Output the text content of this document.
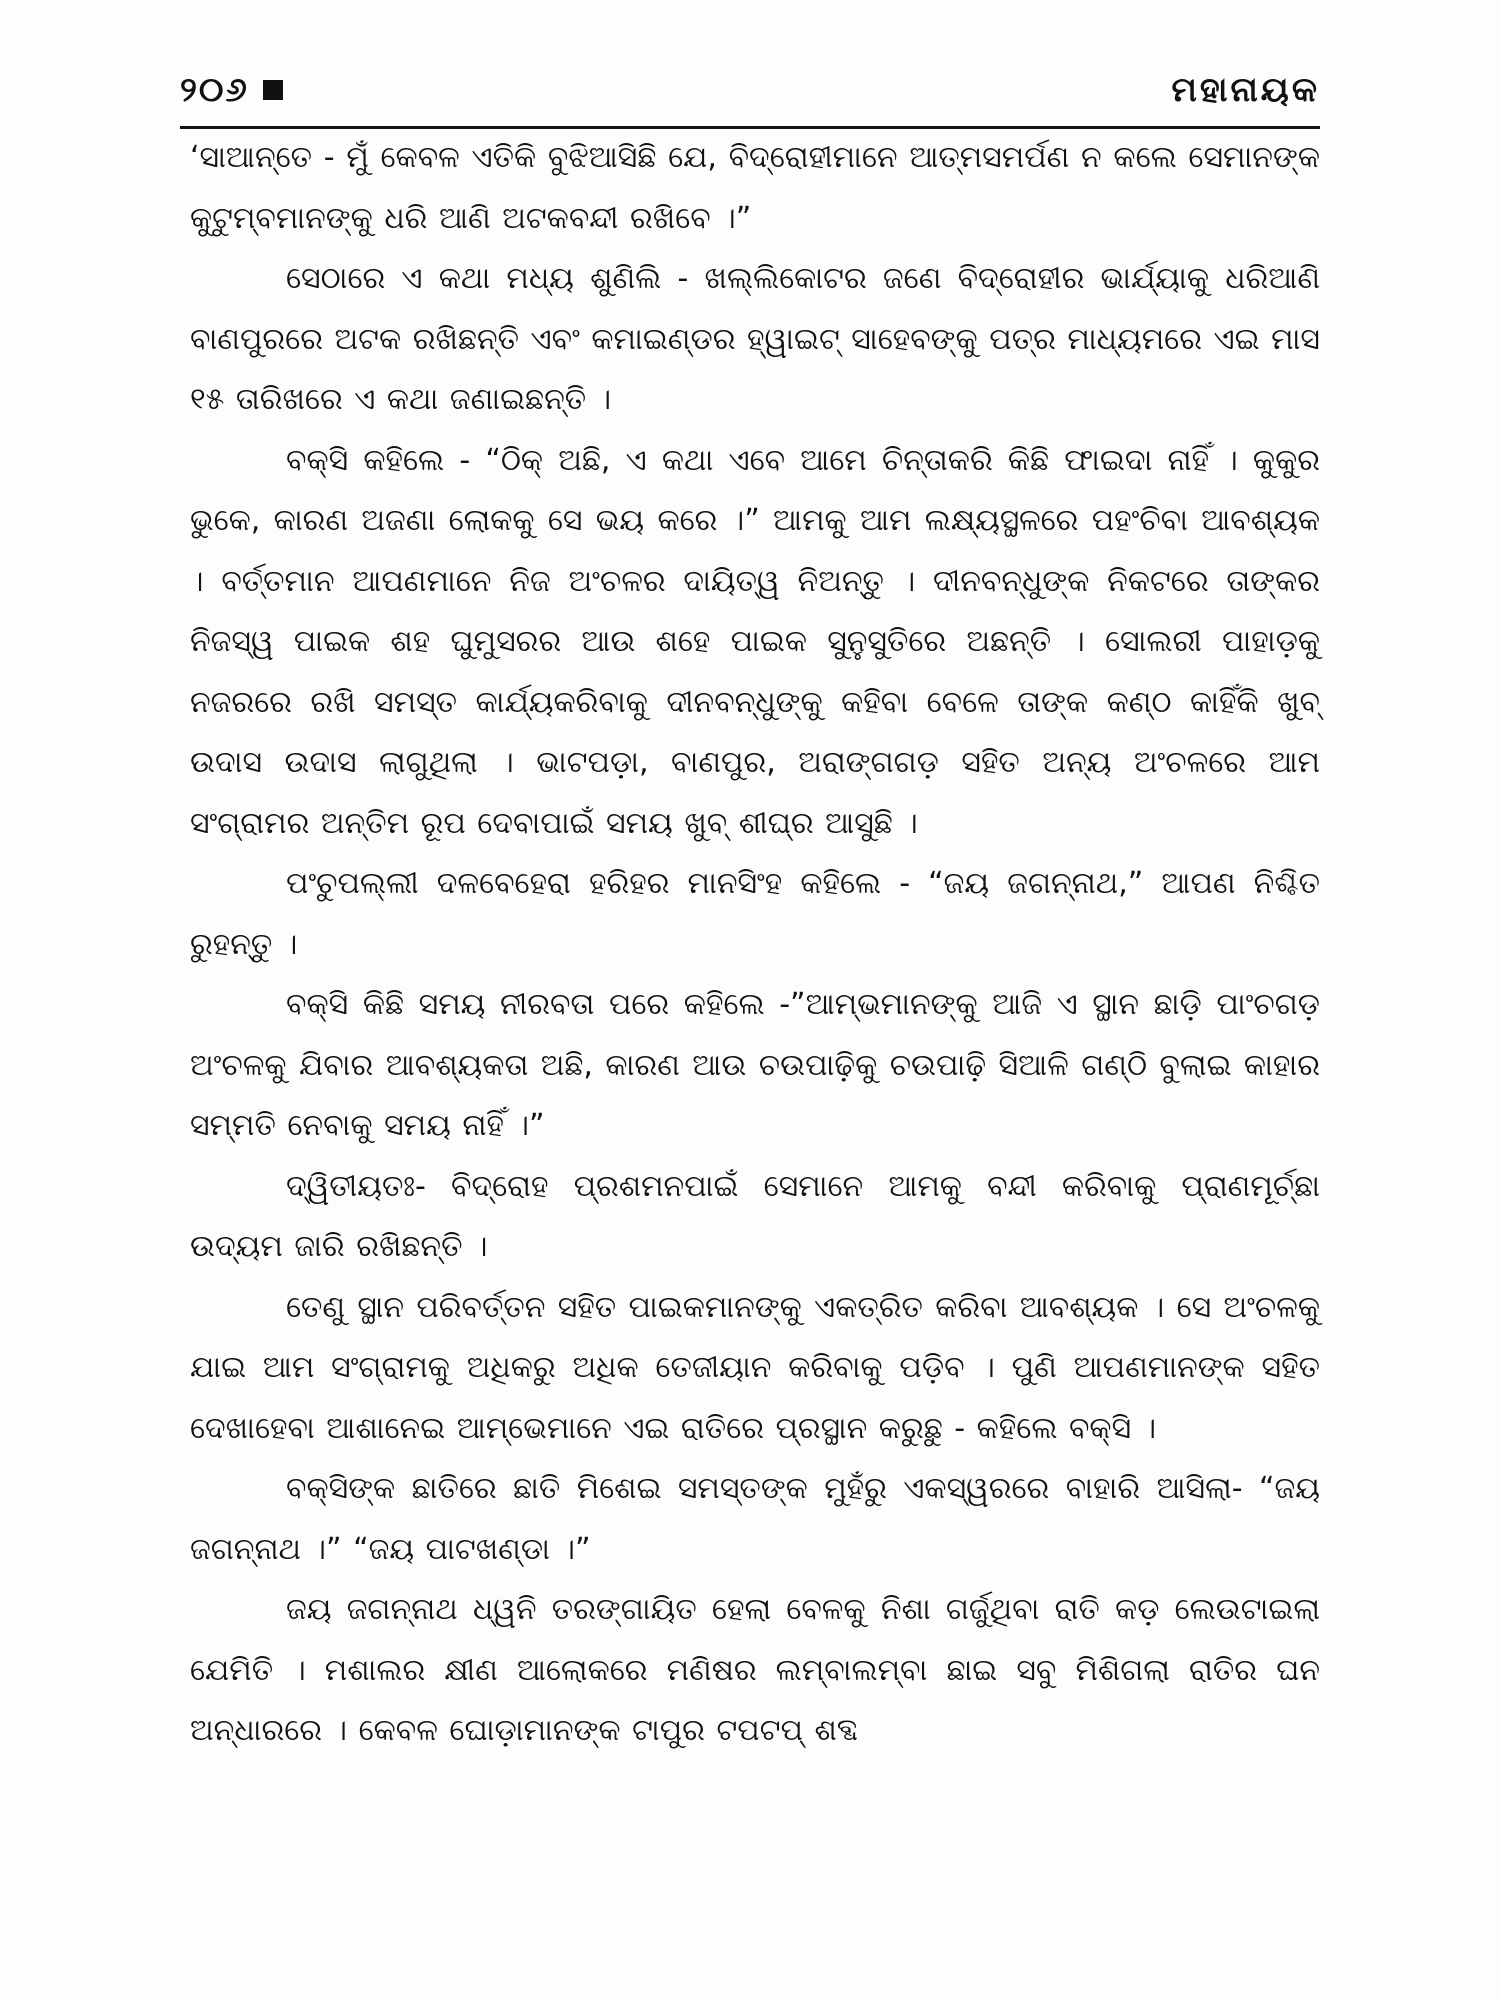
୨୦୬	ମହାନାୟକ

‘ସାଆନ୍ତେ - ମୁଁ କେବଳ ଏତିକି ବୁଝିଆସିଛି ଯେ, ବିଦ୍ରୋହୀମାନେ ଆତ୍ମସମର୍ପଣ ନ କଲେ ସେମାନଙ୍କ କୁଟୁମ୍ବମାନଙ୍କୁ ଧରି ଆଣି ଅଟକବନ୍ଦୀ ରଖିବେ ।”

ସେଠାରେ ଏ କଥା ମଧ୍ୟ ଶୁଣିଲି - ଖଲ୍ଲିକୋଟର ଜଣେ ବିଦ୍ରୋହୀର ଭାର୍ଯ୍ୟାକୁ ଧରିଆଣି ବାଣପୁରରେ ଅଟକ ରଖିଛନ୍ତି ଏବଂ କମାଇଣ୍ଡର ହ୍ୱାଇଟ୍ ସାହେବଙ୍କୁ ପତ୍ର ମାଧ୍ୟମରେ ଏଇ ମାସ ୧୫ ତାରିଖରେ ଏ କଥା ଜଣାଇଛନ୍ତି ।

ବକ୍ସି କହିଲେ - “ଠିକ୍ ଅଛି, ଏ କଥା ଏବେ ଆମେ ଚିନ୍ତାକରି କିଛି ଫାଇଦା ନାହିଁ । କୁକୁର ଭୁକେ, କାରଣ ଅଜଣା ଲୋକକୁ ସେ ଭୟ କରେ ।” ଆମକୁ ଆମ ଲକ୍ଷ୍ୟସ୍ଥଳରେ ପହଂଚିବା ଆବଶ୍ୟକ । ବର୍ତ୍ତମାନ ଆପଣମାନେ ନିଜ ଅଂଚଳର ଦାୟିତ୍ୱ ନିଅନ୍ତୁ । ଦୀନବନ୍ଧୁଙ୍କ ନିକଟରେ ତାଙ୍କର ନିଜସ୍ୱ ପାଇକ ଶହ ଘୁମୁସରର ଆଉ ଶହେ ପାଇକ ସୁନୁସୁତିରେ ଅଛନ୍ତି । ସୋଲରୀ ପାହାଡ଼କୁ ନଜରରେ ରଖି ସମସ୍ତ କାର୍ଯ୍ୟକରିବାକୁ ଦୀନବନ୍ଧୁଙ୍କୁ କହିବା ବେଳେ ତାଙ୍କ କଣ୍ଠ କାହିଁକି ଖୁବ୍ ଉଦାସ ଉଦାସ ଲାଗୁଥିଲା । ଭାଟପଡ଼ା, ବାଣପୁର, ଅରାଙ୍ଗଗଡ଼ ସହିତ ଅନ୍ୟ ଅଂଚଳରେ ଆମ ସଂଗ୍ରାମର ଅନ୍ତିମ ରୂପ ଦେବାପାଇଁ ସମୟ ଖୁବ୍ ଶୀଘ୍ର ଆସୁଛି ।

ପଂଚୁପଲ୍ଲୀ ଦଳବେହେରା ହରିହର ମାନସିଂହ କହିଲେ - “ଜୟ ଜଗନ୍ନାଥ,” ଆପଣ ନିଶ୍ଚିତ ରୁହନ୍ତୁ ।

ବକ୍ସି କିଛି ସମୟ ନୀରବତା ପରେ କହିଲେ -”ଆମ୍ଭମାନଙ୍କୁ ଆଜି ଏ ସ୍ଥାନ ଛାଡ଼ି ପାଂଚଗଡ଼ ଅଂଚଳକୁ ଯିବାର ଆବଶ୍ୟକତା ଅଛି, କାରଣ ଆଉ ଚଉପାଢ଼ିକୁ ଚଉପାଢ଼ି ସିଆଳି ଗଣ୍ଠି ବୁଲାଇ କାହାର ସମ୍ମତି ନେବାକୁ ସମୟ ନାହିଁ ।”

ଦ୍ୱିତୀୟତଃ- ବିଦ୍ରୋହ ପ୍ରଶମନପାଇଁ ସେମାନେ ଆମକୁ ବନ୍ଦୀ କରିବାକୁ ପ୍ରାଣମୂର୍ଚ୍ଛା ଉଦ୍ୟମ ଜାରି ରଖିଛନ୍ତି ।

ତେଣୁ ସ୍ଥାନ ପରିବର୍ତ୍ତନ ସହିତ ପାଇକମାନଙ୍କୁ ଏକତ୍ରିତ କରିବା ଆବଶ୍ୟକ । ସେ ଅଂଚଳକୁ ଯାଇ ଆମ ସଂଗ୍ରାମକୁ ଅଧିକରୁ ଅଧିକ ତେଜୀୟାନ କରିବାକୁ ପଡ଼ିବ । ପୁଣି ଆପଣମାନଙ୍କ ସହିତ ଦେଖାହେବା ଆଶାନେଇ ଆମ୍ଭେମାନେ ଏଇ ରାତିରେ ପ୍ରସ୍ଥାନ କରୁଛୁ - କହିଲେ ବକ୍ସି ।

ବକ୍ସିଙ୍କ ଛାତିରେ ଛାତି ମିଶେଇ ସମସ୍ତଙ୍କ ମୁହଁରୁ ଏକସ୍ୱରରେ ବାହାରି ଆସିଲା- “ଜୟ ଜଗନ୍ନାଥ ।” “ଜୟ ପାଟଖଣ୍ଡା ।”

ଜୟ ଜଗନ୍ନାଥ ଧ୍ୱନି ତରଙ୍ଗାୟିତ ହେଲା ବେଳକୁ ନିଶା ଗର୍ଜୁଥିବା ରାତି କଡ଼ ଲେଉଟାଇଲା ଯେମିତି । ମଶାଲର କ୍ଷୀଣ ଆଲୋକରେ ମଣିଷର ଲମ୍ବାଲମ୍ବା ଛାଇ ସବୁ ମିଶିଗଲା ରାତିର ଘନ ଅନ୍ଧାରରେ । କେବଳ ଘୋଡ଼ାମାନଙ୍କ ଟାପୁର ଟପଟପ୍ ଶବ୍ଦ
